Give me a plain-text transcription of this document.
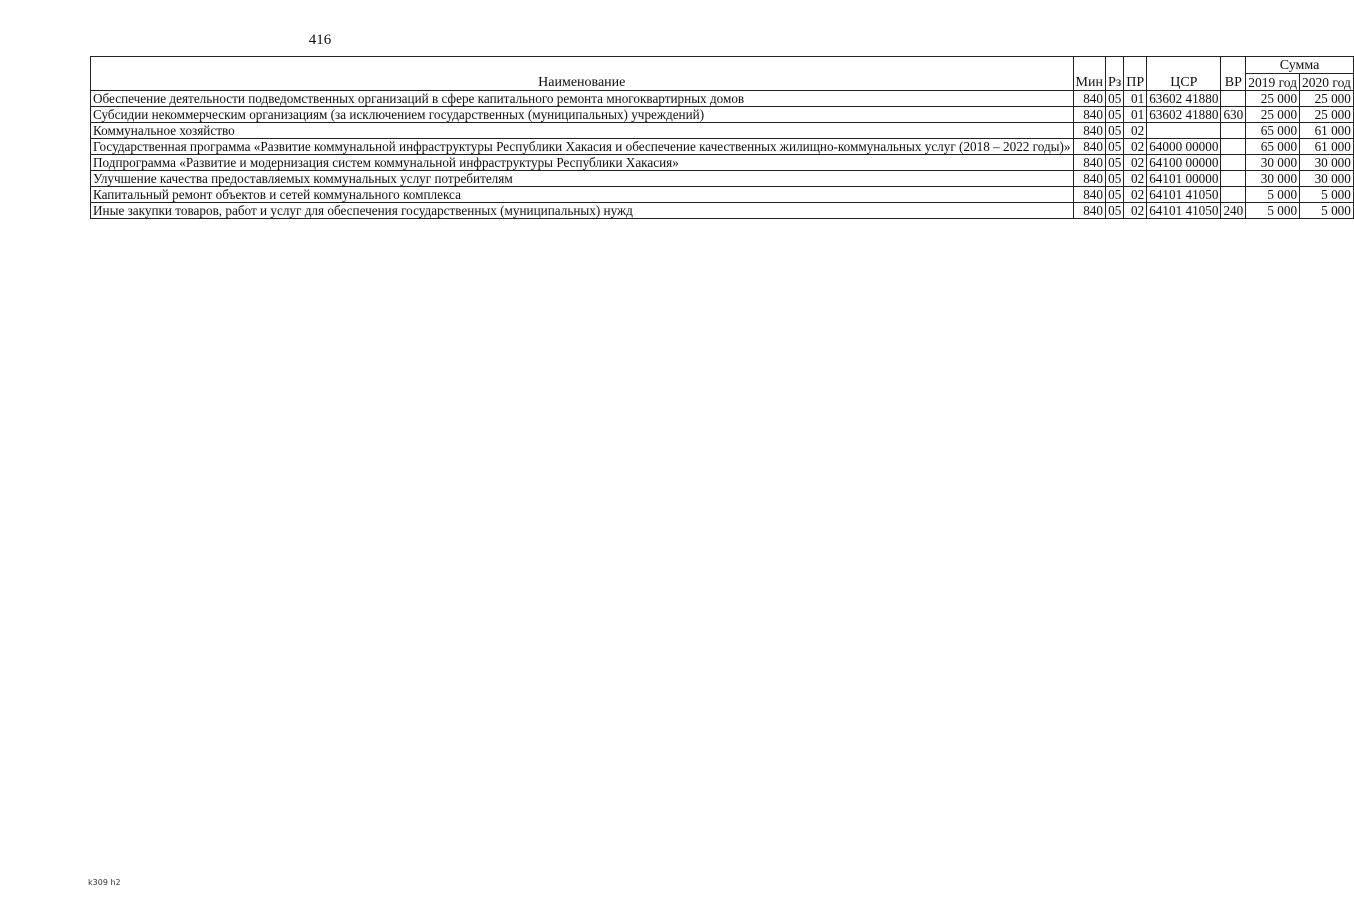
416
Наименование	Мин	Рз	ПР	ЦСР	ВР	Сумма	
						2019 год	2020 год
Обеспечение деятельности подведомственных организаций в сфере капитального ремонта многоквартирных домов	840	05	01	63602 41880		25 000	25 000
Субсидии некоммерческим организациям (за исключением государственных (муниципальных) учреждений)	840	05	01	63602 41880	630	25 000	25 000
Коммунальное хозяйство	840	05	02			65 000	61 000
Государственная программа «Развитие коммунальной инфраструктуры Республики Хакасия и обеспечение качественных жилищно-коммунальных услуг (2018 – 2022 годы)»	840	05	02	64000 00000		65 000	61 000
Подпрограмма «Развитие и модернизация систем коммунальной инфраструктуры Республики Хакасия»	840	05	02	64100 00000		30 000	30 000
Улучшение качества предоставляемых коммунальных услуг потребителям	840	05	02	64101 00000		30 000	30 000
Капитальный ремонт объектов и сетей коммунального комплекса	840	05	02	64101 41050		5 000	5 000
Иные закупки товаров, работ и услуг для обеспечения государственных (муниципальных) нужд	840	05	02	64101 41050	240	5 000	5 000
k309 h2
